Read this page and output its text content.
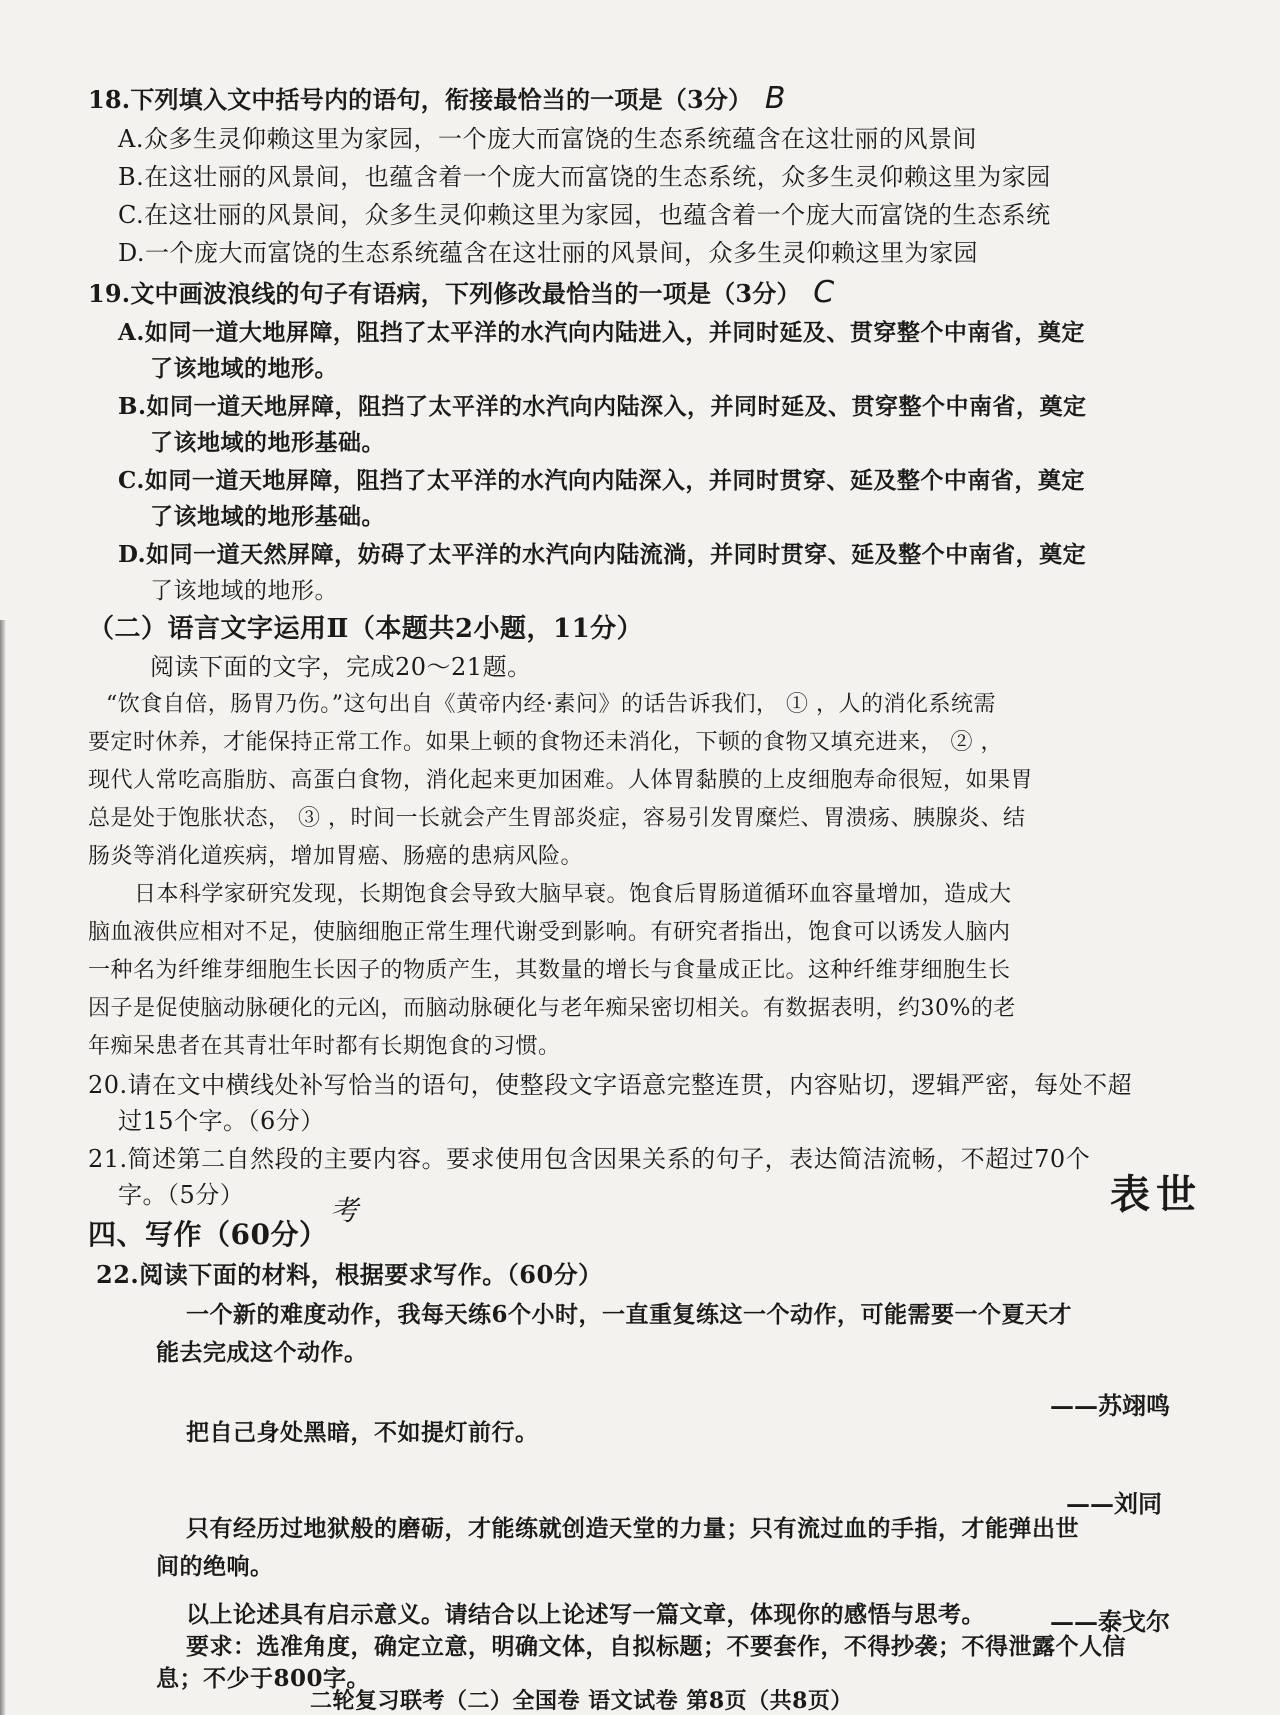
18.下列填入文中括号内的语句，衔接最恰当的一项是（3分） B
A.众多生灵仰赖这里为家园，一个庞大而富饶的生态系统蕴含在这壮丽的风景间
B.在这壮丽的风景间，也蕴含着一个庞大而富饶的生态系统，众多生灵仰赖这里为家园
C.在这壮丽的风景间，众多生灵仰赖这里为家园，也蕴含着一个庞大而富饶的生态系统
D.一个庞大而富饶的生态系统蕴含在这壮丽的风景间，众多生灵仰赖这里为家园
19.文中画波浪线的句子有语病，下列修改最恰当的一项是（3分） C
A.如同一道大地屏障，阻挡了太平洋的水汽向内陆进入，并同时延及、贯穿整个中南省，奠定
了该地域的地形。
B.如同一道天地屏障，阻挡了太平洋的水汽向内陆深入，并同时延及、贯穿整个中南省，奠定
了该地域的地形基础。
C.如同一道天地屏障，阻挡了太平洋的水汽向内陆深入，并同时贯穿、延及整个中南省，奠定
了该地域的地形基础。
D.如同一道天然屏障，妨碍了太平洋的水汽向内陆流淌，并同时贯穿、延及整个中南省，奠定
了该地域的地形。
（二）语言文字运用Ⅱ（本题共2小题，11分）
阅读下面的文字，完成20～21题。
“饮食自倍，肠胃乃伤。”这句出自《黄帝内经·素问》的话告诉我们， ① ，人的消化系统需
要定时休养，才能保持正常工作。如果上顿的食物还未消化，下顿的食物又填充进来， ② ，
现代人常吃高脂肪、高蛋白食物，消化起来更加困难。人体胃黏膜的上皮细胞寿命很短，如果胃
总是处于饱胀状态， ③ ，时间一长就会产生胃部炎症，容易引发胃糜烂、胃溃疡、胰腺炎、结
肠炎等消化道疾病，增加胃癌、肠癌的患病风险。
日本科学家研究发现，长期饱食会导致大脑早衰。饱食后胃肠道循环血容量增加，造成大
脑血液供应相对不足，使脑细胞正常生理代谢受到影响。有研究者指出，饱食可以诱发人脑内
一种名为纤维芽细胞生长因子的物质产生，其数量的增长与食量成正比。这种纤维芽细胞生长
因子是促使脑动脉硬化的元凶，而脑动脉硬化与老年痴呆密切相关。有数据表明，约30%的老
年痴呆患者在其青壮年时都有长期饱食的习惯。
20.请在文中横线处补写恰当的语句，使整段文字语意完整连贯，内容贴切，逻辑严密，每处不超
过15个字。（6分）
21.简述第二自然段的主要内容。要求使用包含因果关系的句子，表达简洁流畅，不超过70个
字。（5分）	考	表世
四、写作（60分）
22.阅读下面的材料，根据要求写作。（60分）
一个新的难度动作，我每天练6个小时，一直重复练这一个动作，可能需要一个夏天才
能去完成这个动作。
——苏翊鸣
把自己身处黑暗，不如提灯前行。
——刘同
只有经历过地狱般的磨砺，才能练就创造天堂的力量；只有流过血的手指，才能弹出世
间的绝响。
——泰戈尔
以上论述具有启示意义。请结合以上论述写一篇文章，体现你的感悟与思考。
要求：选准角度，确定立意，明确文体，自拟标题；不要套作，不得抄袭；不得泄露个人信
息；不少于800字。
二轮复习联考（二）全国卷 语文试卷 第8页（共8页）
